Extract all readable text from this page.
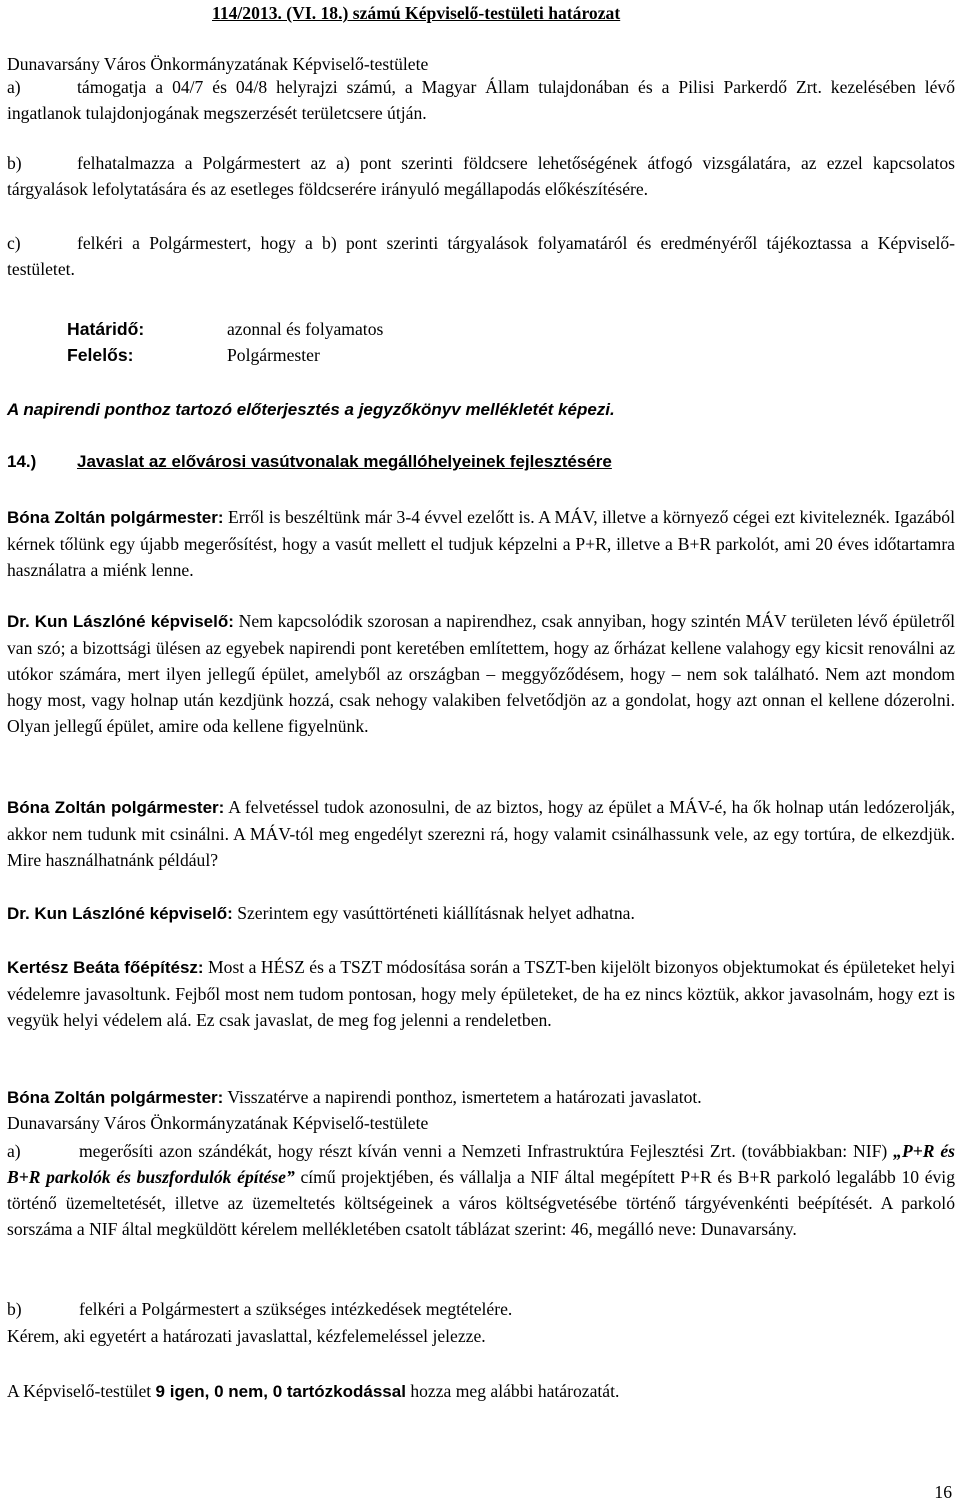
114/2013. (VI. 18.) számú Képviselő-testületi határozat
Dunavarsány Város Önkormányzatának Képviselő-testülete
a)	támogatja a 04/7 és 04/8 helyrajzi számú, a Magyar Állam tulajdonában és a Pilisi Parkerdő Zrt. kezelésében lévő ingatlanok tulajdonjogának megszerzését területcsere útján.
b)	felhatalmazza a Polgármestert az a) pont szerinti földcsere lehetőségének átfogó vizsgálatára, az ezzel kapcsolatos tárgyalások lefolytatására és az esetleges földcserére irányuló megállapodás előkészítésére.
c)	felkéri a Polgármestert, hogy a b) pont szerinti tárgyalások folyamatáról és eredményéről tájékoztassa a Képviselő-testületet.
Határidő:	azonnal és folyamatos
Felelős:	Polgármester
A napirendi ponthoz tartozó előterjesztés a jegyzőkönyv mellékletét képezi.
14.) Javaslat az elővárosi vasútvonalak megállóhelyeinek fejlesztésére
Bóna Zoltán polgármester: Erről is beszéltünk már 3-4 évvel ezelőtt is. A MÁV, illetve a környező cégei ezt kiviteleznék. Igazából kérnek tőlünk egy újabb megerősítést, hogy a vasút mellett el tudjuk képzelni a P+R, illetve a B+R parkolót, ami 20 éves időtartamra használatra a miénk lenne.
Dr. Kun Lászlóné képviselő: Nem kapcsolódik szorosan a napirendhez, csak annyiban, hogy szintén MÁV területen lévő épületről van szó; a bizottsági ülésen az egyebek napirendi pont keretében említettem, hogy az őrházat kellene valahogy egy kicsit renoválni az utókor számára, mert ilyen jellegű épület, amelyből az országban – meggyőződésem, hogy – nem sok található. Nem azt mondom hogy most, vagy holnap után kezdjünk hozzá, csak nehogy valakiben felvetődjön az a gondolat, hogy azt onnan el kellene dózerolni. Olyan jellegű épület, amire oda kellene figyelnünk.
Bóna Zoltán polgármester: A felvetéssel tudok azonosulni, de az biztos, hogy az épület a MÁV-é, ha ők holnap után ledózerolják, akkor nem tudunk mit csinálni. A MÁV-tól meg engedélyt szerezni rá, hogy valamit csinálhassunk vele, az egy tortúra, de elkezdjük. Mire használhatnánk például?
Dr. Kun Lászlóné képviselő: Szerintem egy vasúttörténeti kiállításnak helyet adhatna.
Kertész Beáta főépítész: Most a HÉSZ és a TSZT módosítása során a TSZT-ben kijelölt bizonyos objektumokat és épületeket helyi védelemre javasoltunk. Fejből most nem tudom pontosan, hogy mely épületeket, de ha ez nincs köztük, akkor javasolnám, hogy ezt is vegyük helyi védelem alá. Ez csak javaslat, de meg fog jelenni a rendeletben.
Bóna Zoltán polgármester: Visszatérve a napirendi ponthoz, ismertetem a határozati javaslatot.
Dunavarsány Város Önkormányzatának Képviselő-testülete
a)	megerősíti azon szándékát, hogy részt kíván venni a Nemzeti Infrastruktúra Fejlesztési Zrt. (továbbiakban: NIF) „P+R és B+R parkolók és buszfordulók építése” című projektjében, és vállalja a NIF által megépített P+R és B+R parkoló legalább 10 évig történő üzemeltetését, illetve az üzemeltetés költségeinek a város költségvetésébe történő tárgyévenkénti beépítését. A parkoló sorszáma a NIF által megküldött kérelem mellékletében csatolt táblázat szerint: 46, megálló neve: Dunavarsány.
b)	felkéri a Polgármestert a szükséges intézkedések megtételére.
Kérem, aki egyetért a határozati javaslattal, kézfelemeléssel jelezze.
A Képviselő-testület 9 igen, 0 nem, 0 tartózkodással hozza meg alábbi határozatát.
16
